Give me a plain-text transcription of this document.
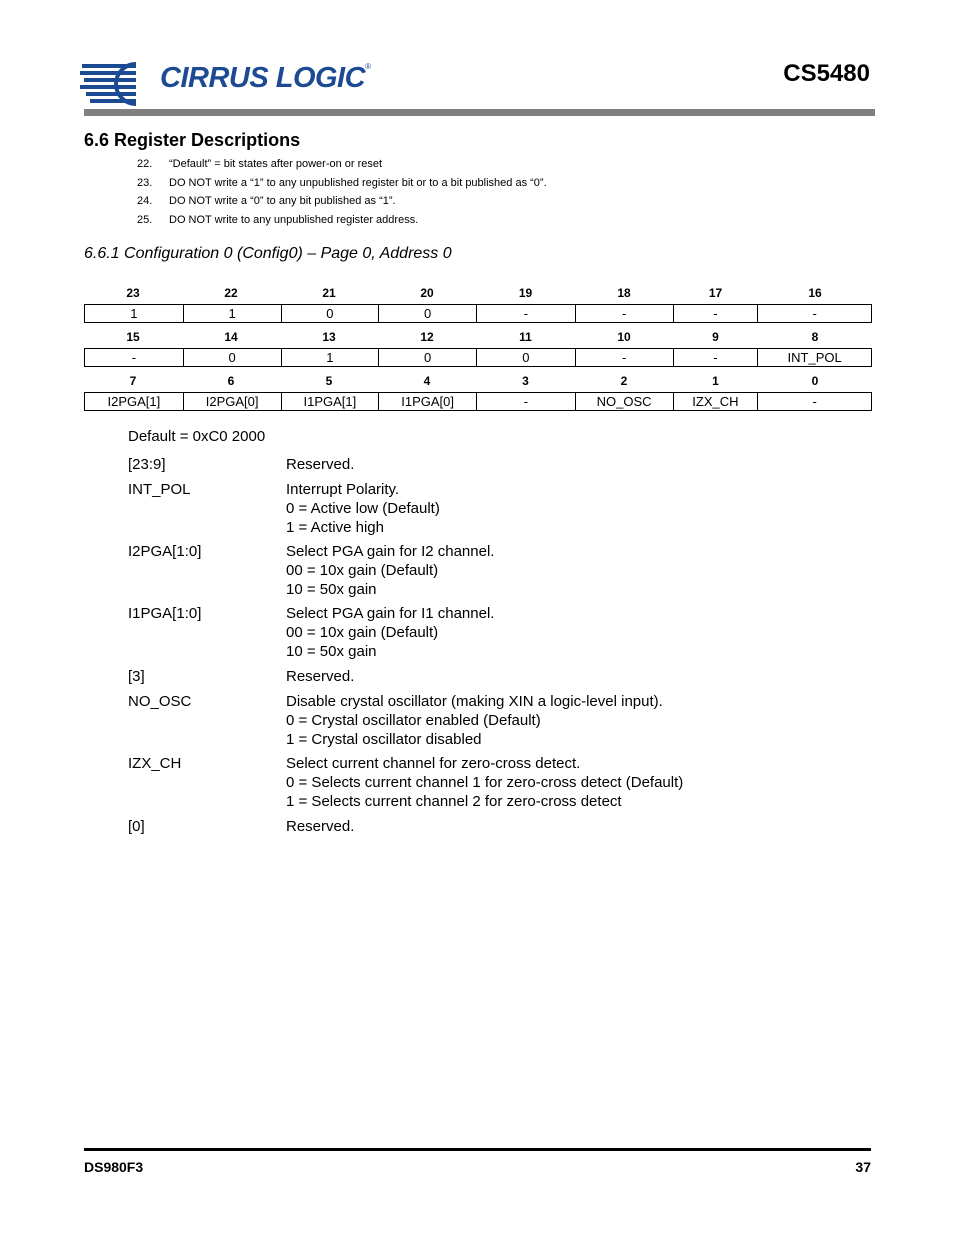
CIRRUS LOGIC®	CS5480
6.6 Register Descriptions
22. “Default” = bit states after power-on or reset
23. DO NOT write a “1” to any unpublished register bit or to a bit published as “0”.
24. DO NOT write a “0” to any bit published as “1”.
25. DO NOT write to any unpublished register address.
6.6.1 Configuration 0 (Config0) – Page 0, Address 0
23	22	21	20	19	18	17	16
1	1	0	0	-	-	-	-
15	14	13	12	11	10	9	8
-	0	1	0	0	-	-	INT_POL
7	6	5	4	3	2	1	0
I2PGA[1]	I2PGA[0]	I1PGA[1]	I1PGA[0]	-	NO_OSC	IZX_CH	-
Default = 0xC0 2000
[23:9]	Reserved.
INT_POL	Interrupt Polarity.
0 = Active low (Default)
1 = Active high
I2PGA[1:0]	Select PGA gain for I2 channel.
00 = 10x gain (Default)
10 = 50x gain
I1PGA[1:0]	Select PGA gain for I1 channel.
00 = 10x gain (Default)
10 = 50x gain
[3]	Reserved.
NO_OSC	Disable crystal oscillator (making XIN a logic-level input).
0 = Crystal oscillator enabled (Default)
1 = Crystal oscillator disabled
IZX_CH	Select current channel for zero-cross detect.
0 = Selects current channel 1 for zero-cross detect (Default)
1 = Selects current channel 2 for zero-cross detect
[0]	Reserved.
DS980F3	37
